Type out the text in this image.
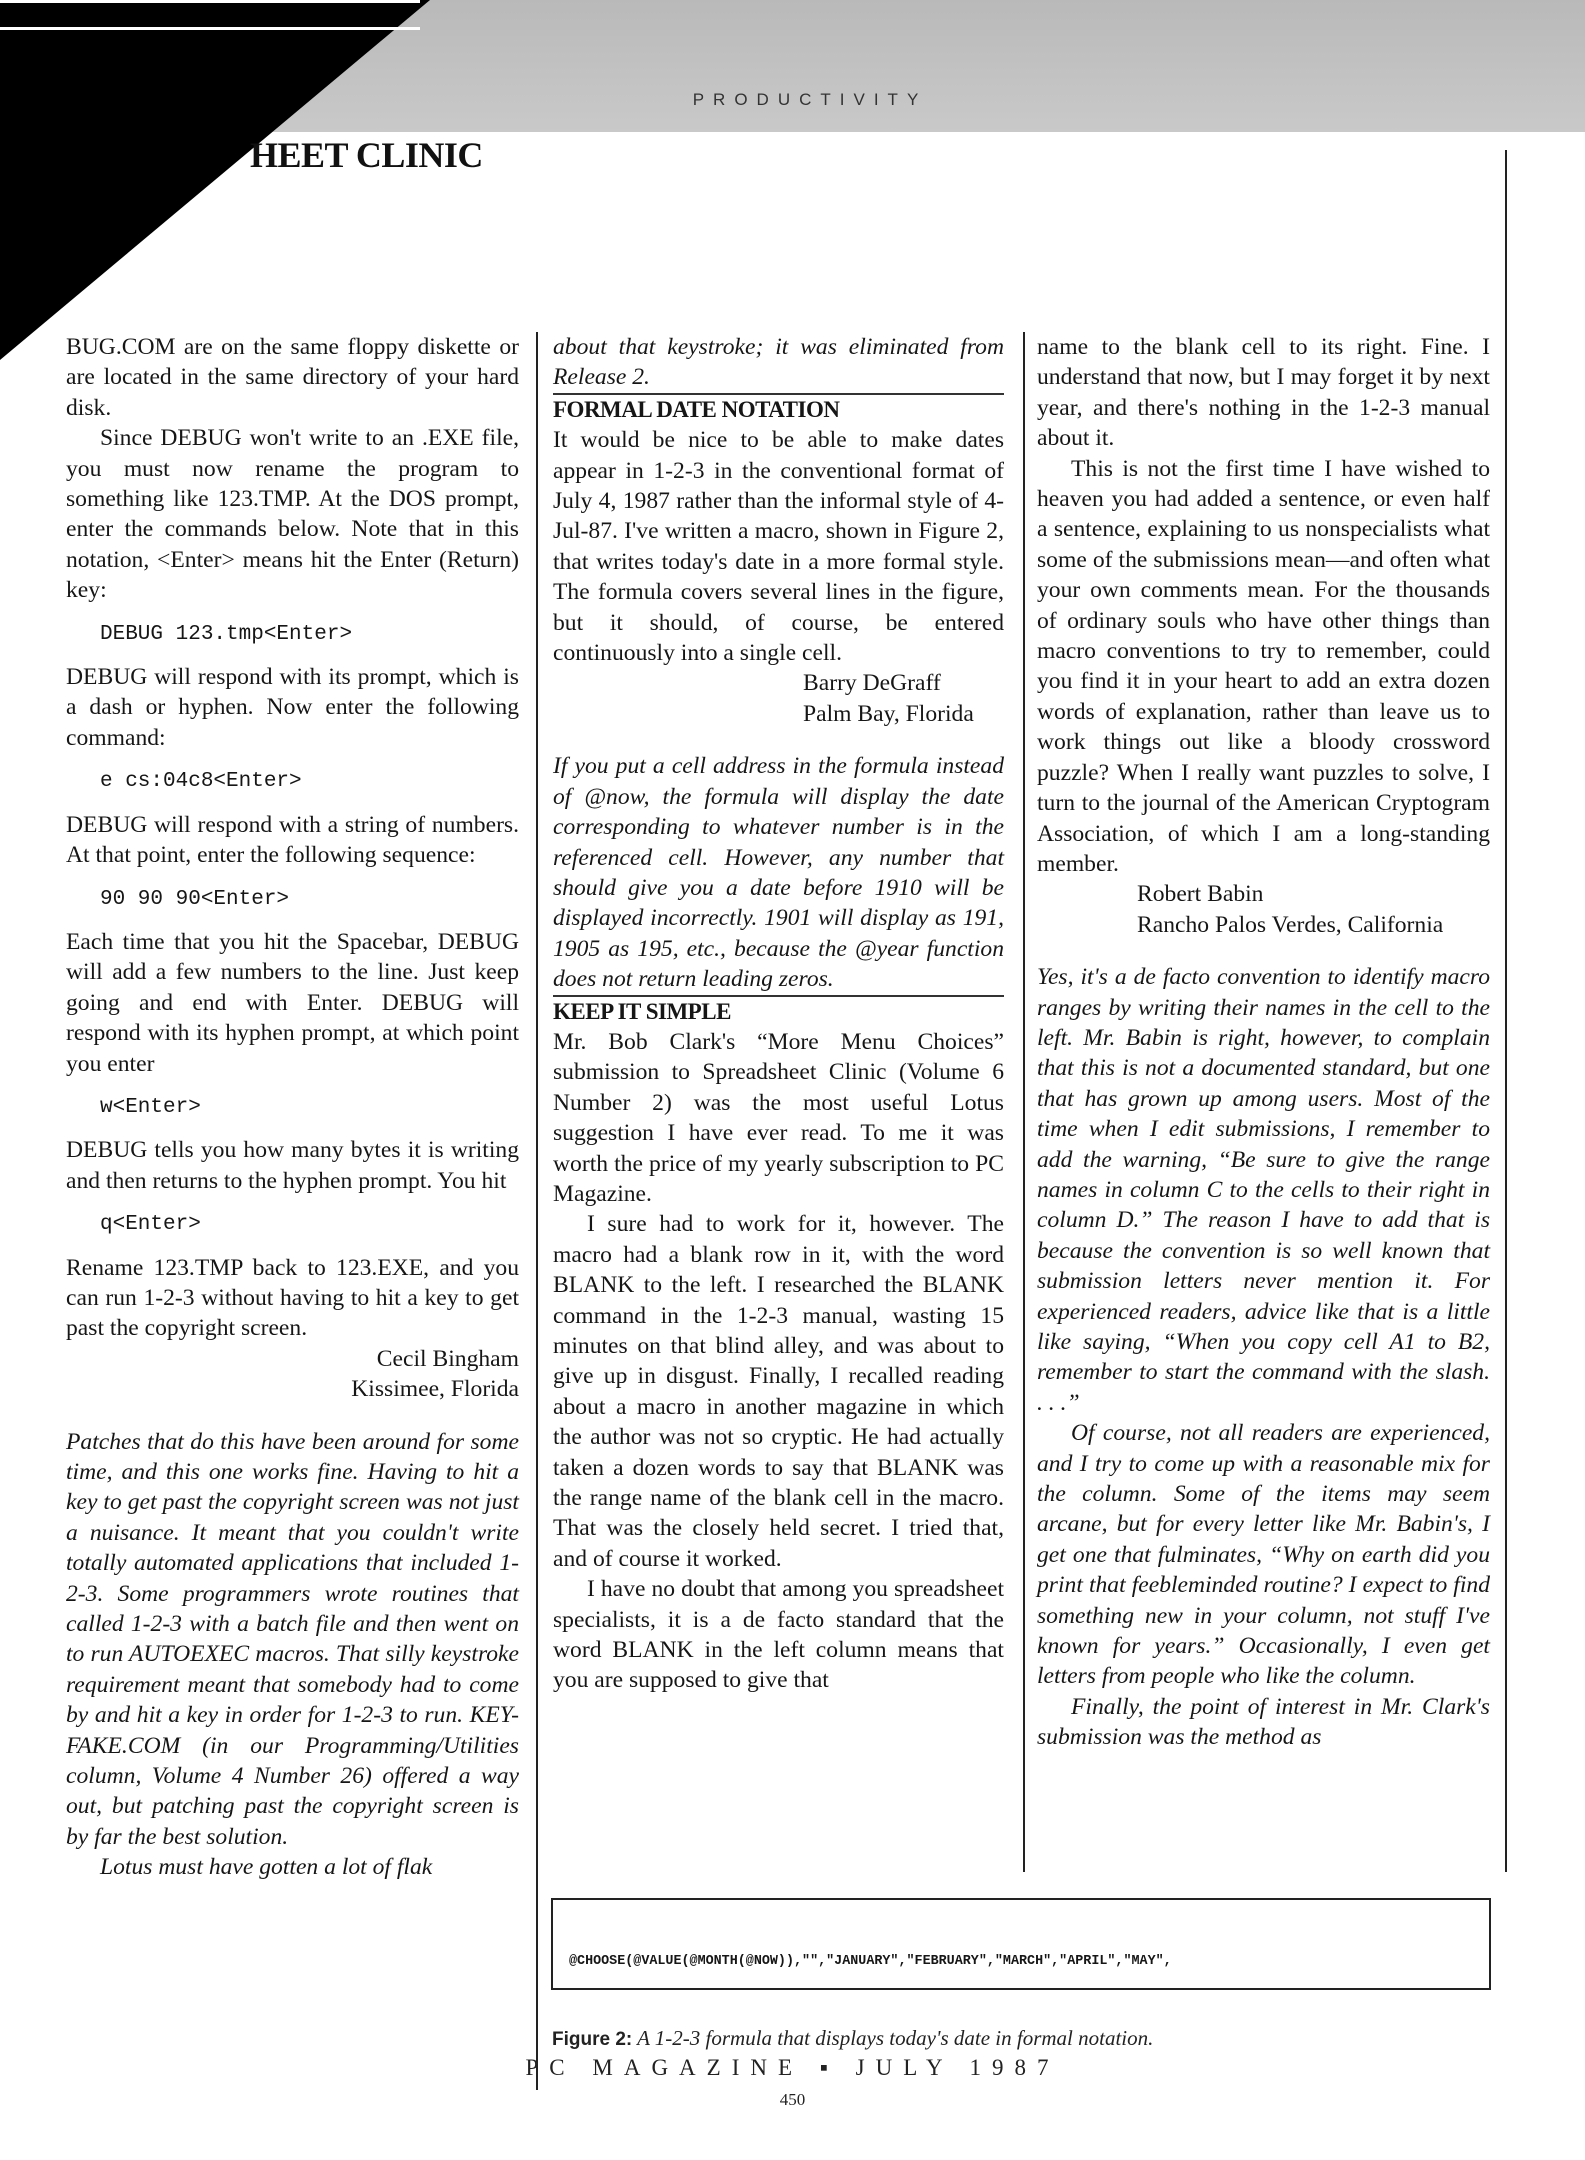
PRODUCTIVITY
HEET CLINIC

BUG.COM are on the same floppy diskette or are located in the same directory of your hard disk.

Since DEBUG won't write to an .EXE file, you must now rename the program to something like 123.TMP. At the DOS prompt, enter the commands below. Note that in this notation, <Enter> means hit the Enter (Return) key:

DEBUG 123.tmp<Enter>

DEBUG will respond with its prompt, which is a dash or hyphen. Now enter the following command:

e cs:04c8<Enter>

DEBUG will respond with a string of numbers. At that point, enter the following sequence:

90 90 90<Enter>

Each time that you hit the Spacebar, DEBUG will add a few numbers to the line. Just keep going and end with Enter. DEBUG will respond with its hyphen prompt, at which point you enter

w<Enter>

DEBUG tells you how many bytes it is writing and then returns to the hyphen prompt. You hit

q<Enter>

Rename 123.TMP back to 123.EXE, and you can run 1-2-3 without having to hit a key to get past the copyright screen.

Cecil Bingham

Kissimee, Florida

Patches that do this have been around for some time, and this one works fine. Having to hit a key to get past the copyright screen was not just a nuisance. It meant that you couldn't write totally automated applications that included 1-2-3. Some programmers wrote routines that called 1-2-3 with a batch file and then went on to run AUTOEXEC macros. That silly keystroke requirement meant that somebody had to come by and hit a key in order for 1-2-3 to run. KEY-FAKE.COM (in our Programming/Utilities column, Volume 4 Number 26) offered a way out, but patching past the copyright screen is by far the best solution.

Lotus must have gotten a lot of flak

about that keystroke; it was eliminated from Release 2.

FORMAL DATE NOTATION

It would be nice to be able to make dates appear in 1-2-3 in the conventional format of July 4, 1987 rather than the informal style of 4-Jul-87. I've written a macro, shown in Figure 2, that writes today's date in a more formal style. The formula covers several lines in the figure, but it should, of course, be entered continuously into a single cell.

Barry DeGraff

Palm Bay, Florida

If you put a cell address in the formula instead of @now, the formula will display the date corresponding to whatever number is in the referenced cell. However, any number that should give you a date before 1910 will be displayed incorrectly. 1901 will display as 191, 1905 as 195, etc., because the @year function does not return leading zeros.

KEEP IT SIMPLE

Mr. Bob Clark's “More Menu Choices” submission to Spreadsheet Clinic (Volume 6 Number 2) was the most useful Lotus suggestion I have ever read. To me it was worth the price of my yearly subscription to PC Magazine.

I sure had to work for it, however. The macro had a blank row in it, with the word BLANK to the left. I researched the BLANK command in the 1-2-3 manual, wasting 15 minutes on that blind alley, and was about to give up in disgust. Finally, I recalled reading about a macro in another magazine in which the author was not so cryptic. He had actually taken a dozen words to say that BLANK was the range name of the blank cell in the macro. That was the closely held secret. I tried that, and of course it worked.

I have no doubt that among you spreadsheet specialists, it is a de facto standard that the word BLANK in the left column means that you are supposed to give that

name to the blank cell to its right. Fine. I understand that now, but I may forget it by next year, and there's nothing in the 1-2-3 manual about it.

This is not the first time I have wished to heaven you had added a sentence, or even half a sentence, explaining to us nonspecialists what some of the submissions mean—and often what your own comments mean. For the thousands of ordinary souls who have other things than macro conventions to try to remember, could you find it in your heart to add an extra dozen words of explanation, rather than leave us to work things out like a bloody crossword puzzle? When I really want puzzles to solve, I turn to the journal of the American Cryptogram Association, of which I am a long-standing member.

Robert Babin

Rancho Palos Verdes, California

Yes, it's a de facto convention to identify macro ranges by writing their names in the cell to the left. Mr. Babin is right, however, to complain that this is not a documented standard, but one that has grown up among users. Most of the time when I edit submissions, I remember to add the warning, “Be sure to give the range names in column C to the cells to their right in column D.” The reason I have to add that is because the convention is so well known that submission letters never mention it. For experienced readers, advice like that is a little like saying, “When you copy cell A1 to B2, remember to start the command with the slash. . . .”

Of course, not all readers are experienced, and I try to come up with a reasonable mix for the column. Some of the items may seem arcane, but for every letter like Mr. Babin's, I get one that fulminates, “Why on earth did you print that feebleminded routine? I expect to find something new in your column, not stuff I've known for years.” Occasionally, I even get letters from people who like the column.

Finally, the point of interest in Mr. Clark's submission was the method as

@CHOOSE(@VALUE(@MONTH(@NOW)),"","JANUARY","FEBRUARY","MARCH","APRIL","MAY",

Figure 2: A 1-2-3 formula that displays today's date in formal notation.
PC MAGAZINE ▪ JULY 1987
450
